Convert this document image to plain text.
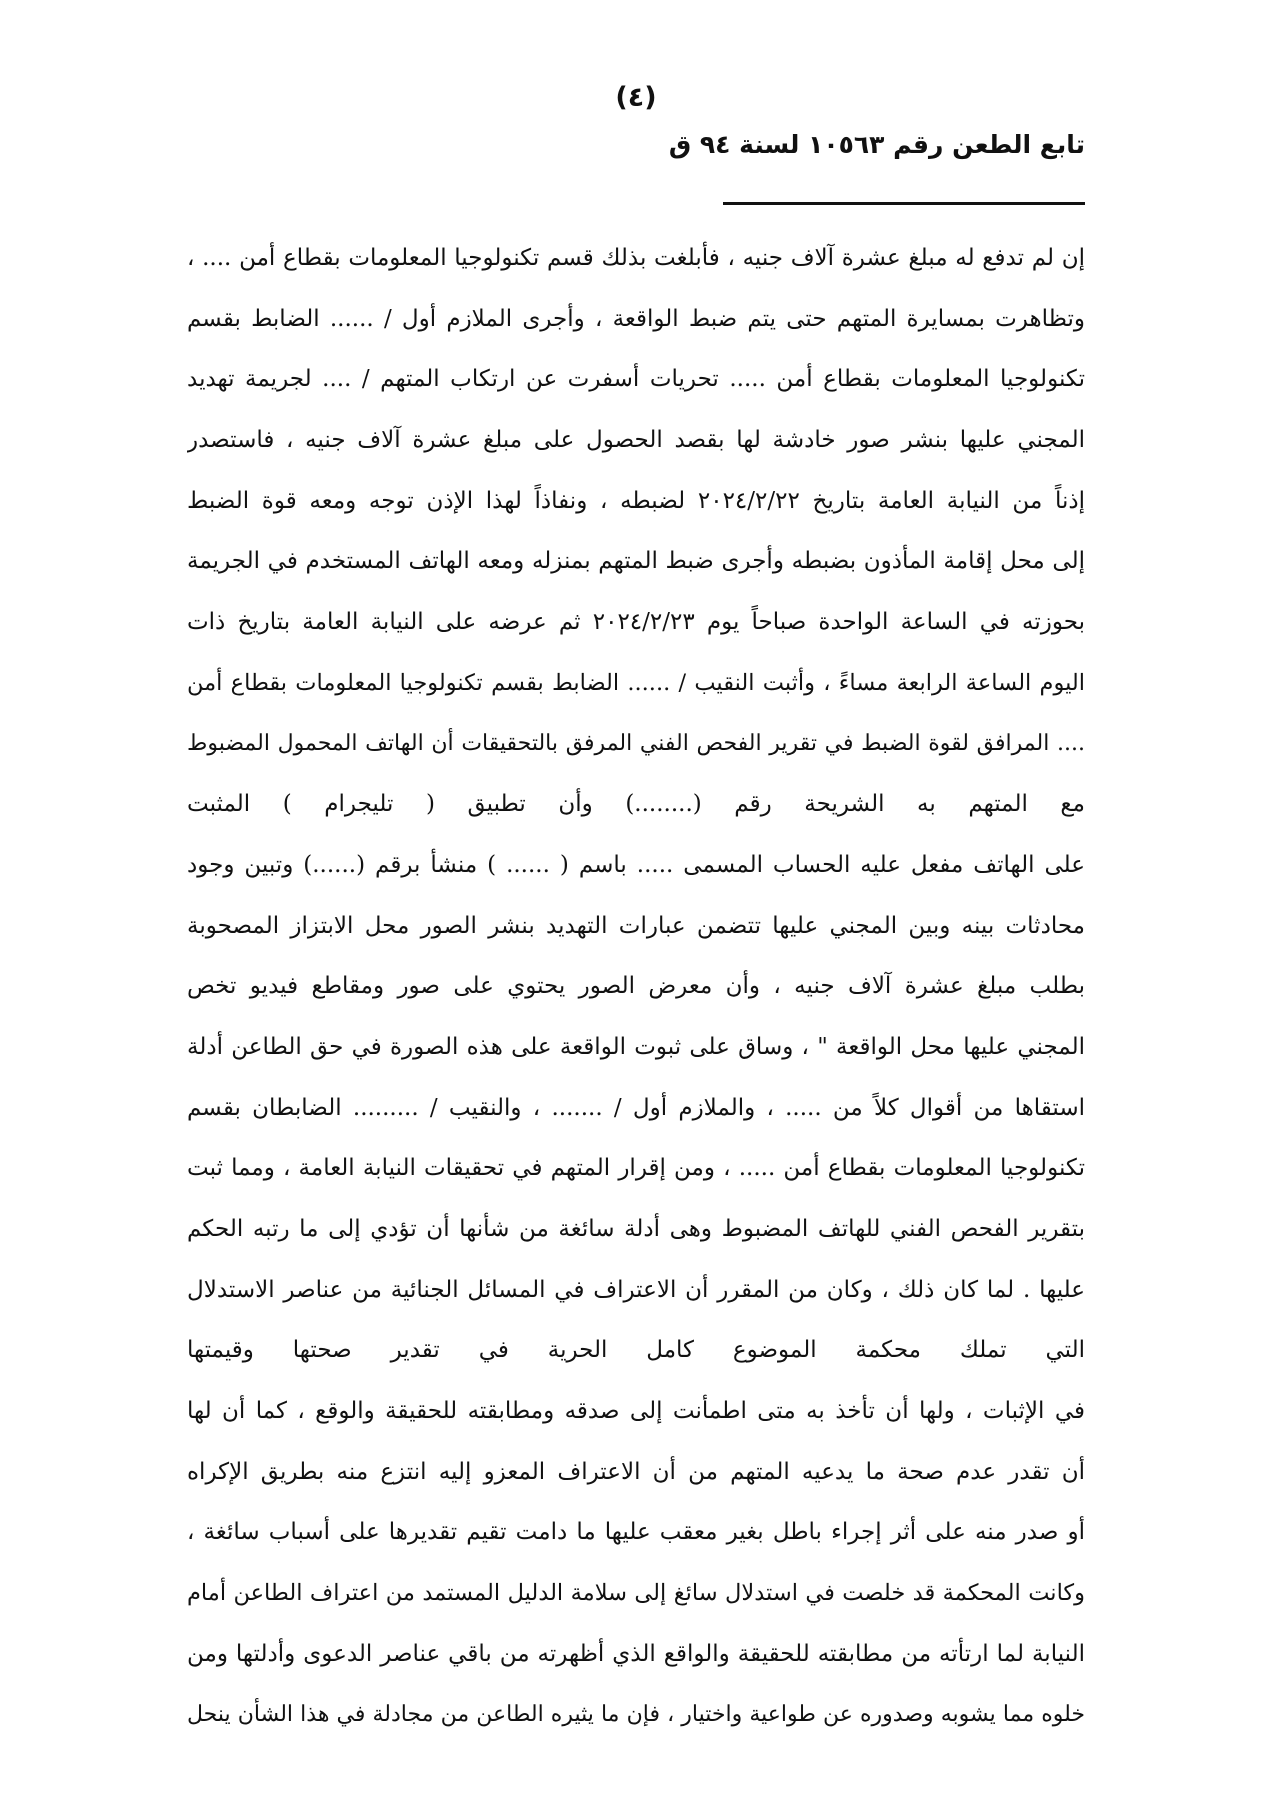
(٤)
تابع الطعن رقم ١٠٥٦٣ لسنة ٩٤ ق
إن لم تدفع له مبلغ عشرة آلاف جنيه ، فأبلغت بذلك قسم تكنولوجيا المعلومات بقطاع أمن .... ،
وتظاهرت بمسايرة المتهم حتى يتم ضبط الواقعة ، وأجرى الملازم أول / ...... الضابط بقسم
تكنولوجيا المعلومات بقطاع أمن ..... تحريات أسفرت عن ارتكاب المتهم / .... لجريمة تهديد
المجني عليها بنشر صور خادشة لها بقصد الحصول على مبلغ عشرة آلاف جنيه ، فاستصدر
إذناً من النيابة العامة بتاريخ ٢٠٢٤/٢/٢٢ لضبطه ، ونفاذاً لهذا الإذن توجه ومعه قوة الضبط
إلى محل إقامة المأذون بضبطه وأجرى ضبط المتهم بمنزله ومعه الهاتف المستخدم في الجريمة
بحوزته في الساعة الواحدة صباحاً يوم ٢٠٢٤/٢/٢٣ ثم عرضه على النيابة العامة بتاريخ ذات
اليوم الساعة الرابعة مساءً ، وأثبت النقيب / ...... الضابط بقسم تكنولوجيا المعلومات بقطاع أمن
.... المرافق لقوة الضبط في تقرير الفحص الفني المرفق بالتحقيقات أن الهاتف المحمول المضبوط
مع المتهم به الشريحة رقم (........) وأن تطبيق ( تليجرام ) المثبت
على الهاتف مفعل عليه الحساب المسمى ..... باسم ( ...... ) منشأ برقم (......) وتبين وجود
محادثات بينه وبين المجني عليها تتضمن عبارات التهديد بنشر الصور محل الابتزاز المصحوبة
بطلب مبلغ عشرة آلاف جنيه ، وأن معرض الصور يحتوي على صور ومقاطع فيديو تخص
المجني عليها محل الواقعة " ، وساق على ثبوت الواقعة على هذه الصورة في حق الطاعن أدلة
استقاها من أقوال كلاً من ..... ، والملازم أول / ....... ، والنقيب / ......... الضابطان بقسم
تكنولوجيا المعلومات بقطاع أمن ..... ، ومن إقرار المتهم في تحقيقات النيابة العامة ، ومما ثبت
بتقرير الفحص الفني للهاتف المضبوط وهى أدلة سائغة من شأنها أن تؤدي إلى ما رتبه الحكم
عليها . لما كان ذلك ، وكان من المقرر أن الاعتراف في المسائل الجنائية من عناصر الاستدلال
التي تملك محكمة الموضوع كامل الحرية في تقدير صحتها وقيمتها
في الإثبات ، ولها أن تأخذ به متى اطمأنت إلى صدقه ومطابقته للحقيقة والوقع ، كما أن لها
أن تقدر عدم صحة ما يدعيه المتهم من أن الاعتراف المعزو إليه انتزع منه بطريق الإكراه
أو صدر منه على أثر إجراء باطل بغير معقب عليها ما دامت تقيم تقديرها على أسباب سائغة ،
وكانت المحكمة قد خلصت في استدلال سائغ إلى سلامة الدليل المستمد من اعتراف الطاعن أمام
النيابة لما ارتأته من مطابقته للحقيقة والواقع الذي أظهرته من باقي عناصر الدعوى وأدلتها ومن
خلوه مما يشوبه وصدوره عن طواعية واختيار ، فإن ما يثيره الطاعن من مجادلة في هذا الشأن ينحل
